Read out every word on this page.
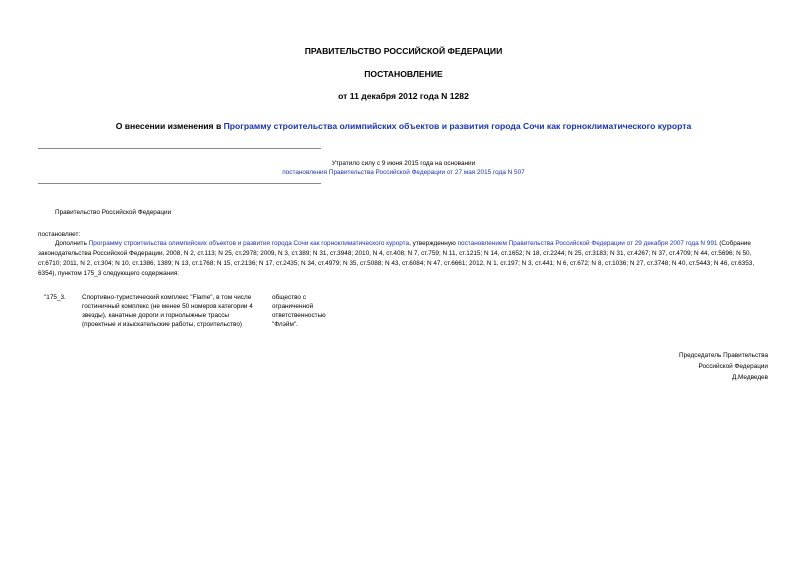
ПРАВИТЕЛЬСТВО РОССИЙСКОЙ ФЕДЕРАЦИИ
ПОСТАНОВЛЕНИЕ
от 11 декабря 2012 года N 1282
О внесении изменения в Программу строительства олимпийских объектов и развития города Сочи как горноклиматического курорта
Утратило силу с 9 июня 2015 года на основании
постановления Правительства Российской Федерации от 27 мая 2015 года N 507
Правительство Российской Федерации
постановляет:
Дополнить Программу строительства олимпийских объектов и развития города Сочи как горноклиматического курорта, утвержденную постановлением Правительства Российской Федерации от 29 декабря 2007 года N 991 (Собрание законодательства Российской Федерации, 2008, N 2, ст.113; N 25, ст.2978; 2009, N 3, ст.389; N 31, ст.3948; 2010, N 4, ст.408; N 7, ст.759; N 11, ст.1215; N 14, ст.1652; N 18, ст.2244; N 25, ст.3183; N 31, ст.4267; N 37, ст.4709; N 44, ст.5696; N 50, ст.6710; 2011, N 2, ст.304; N 10, ст.1386, 1389; N 13, ст.1768; N 15, ст.2136; N 17, ст.2435; N 34, ст.4979; N 35, ст.5088; N 43, ст.6084; N 47, ст.6661; 2012, N 1, ст.197; N 3, ст.441; N 6, ст.672; N 8, ст.1036; N 27, ст.3748; N 40, ст.5443; N 46, ст.6353, 6354), пунктом 175_3 следующего содержания:
"175_3.	Спортивно-туристический комплекс "Flame", в том числе
гостиничный комплекс (не менее 50 номеров категории 4
звезды), канатные дороги и горнолыжные трассы
(проектные и изыскательские работы, строительство)
общество с
ограниченной
ответственностью
"Флэйм".
Председатель Правительства
Российской Федерации
Д.Медведев
